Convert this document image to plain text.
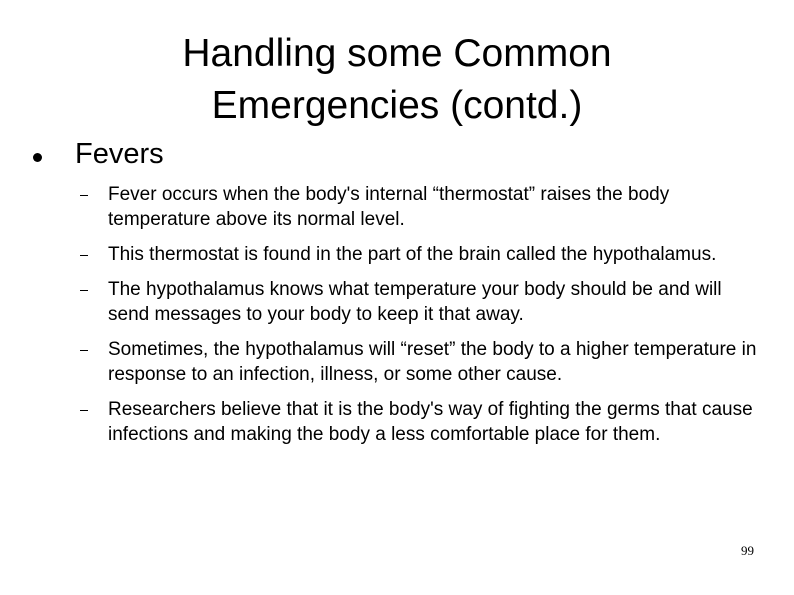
Handling some Common
Emergencies (contd.)
Fevers
Fever occurs when the body's internal “thermostat” raises the body temperature above its normal level.
This thermostat is found in the part of the brain called the hypothalamus.
The hypothalamus knows what temperature your body should be and will send messages to your body to keep it that away.
Sometimes, the hypothalamus will “reset” the body to a higher temperature in response to an infection, illness, or some other cause.
Researchers believe that it is the body's way of fighting the germs that cause infections and making the body a less comfortable place for them.
99
